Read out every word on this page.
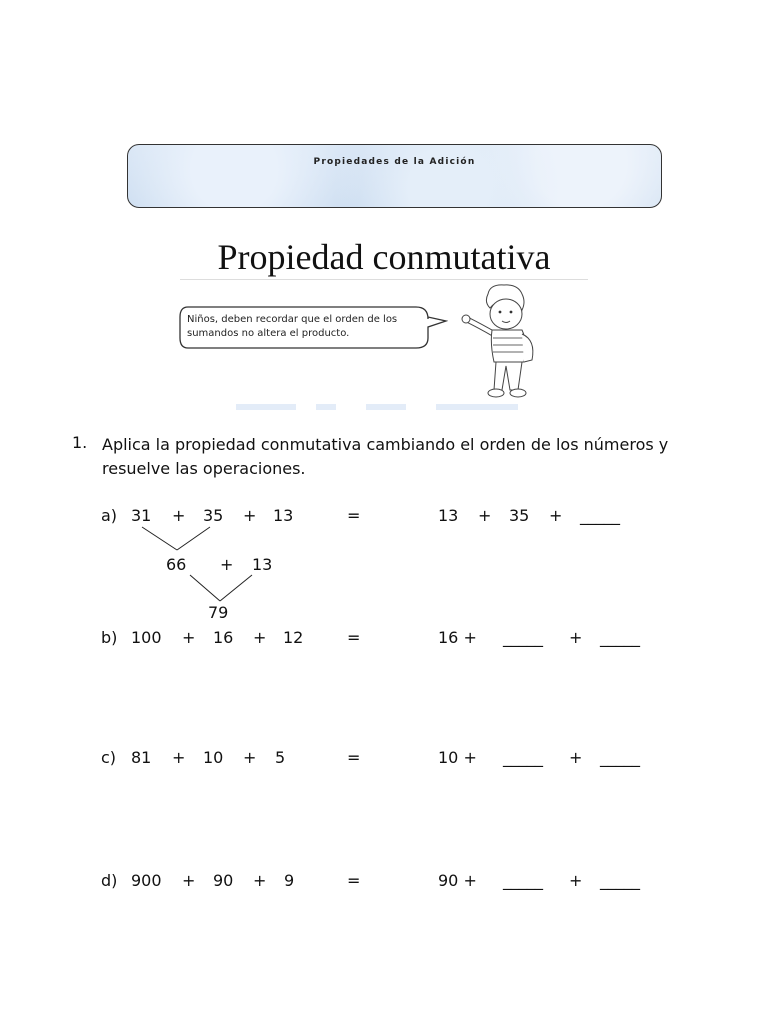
Propiedades de la Adición
Propiedad conmutativa
Niños, deben recordar que el orden de los sumandos no altera el producto.
1. Aplica la propiedad conmutativa cambiando el orden de los números y resuelve las operaciones.
a) 31 + 35 + 13	=	13 + 35 + _____
66 + 13
79
b) 100 + 16 + 12	=	16 + _____ + _____
c) 81 + 10 + 5	=	10 + _____ + _____
d) 900 + 90 + 9	=	90 + _____ + _____
